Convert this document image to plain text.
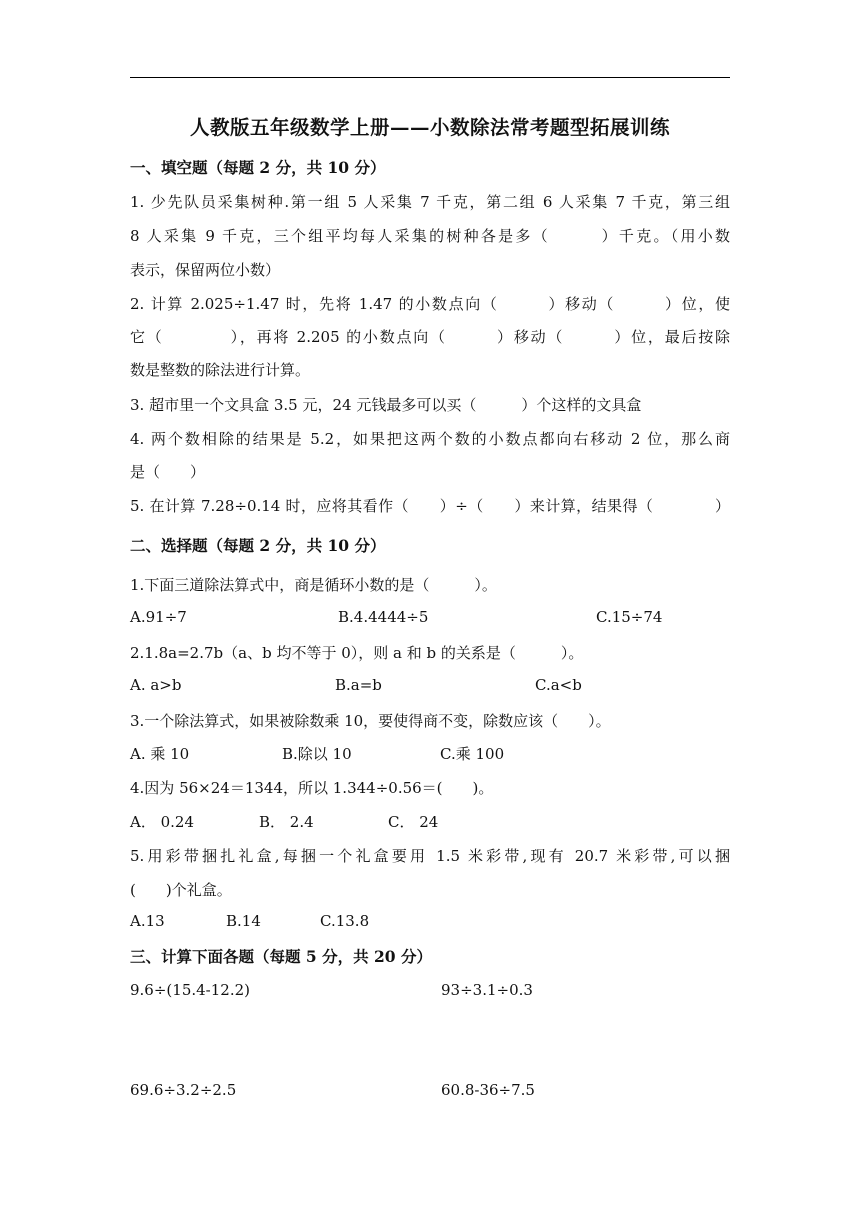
人教版五年级数学上册——小数除法常考题型拓展训练
一、填空题（每题 2 分，共 10 分）
1. 少先队员采集树种.第一组 5 人采集 7 千克，第二组 6 人采集 7 千克，第三组
8 人采集 9 千克，三个组平均每人采集的树种各是多（　　　）千克。（用小数
表示，保留两位小数）
2. 计算 2.025÷1.47 时，先将 1.47 的小数点向（　　　）移动（　　　）位，使
它（　　　　），再将 2.205 的小数点向（　　　）移动（　　　）位，最后按除
数是整数的除法进行计算。
3. 超市里一个文具盒 3.5 元，24 元钱最多可以买（　　　）个这样的文具盒
4. 两个数相除的结果是 5.2，如果把这两个数的小数点都向右移动 2 位，那么商
是（　　）
5. 在计算 7.28÷0.14 时，应将其看作（　　）÷（　　）来计算，结果得（　　　　）
二、选择题（每题 2 分，共 10 分）
1.下面三道除法算式中，商是循环小数的是（　　　）。
A.91÷7	B.4.4444÷5	C.15÷74
2.1.8a=2.7b（a、b 均不等于 0），则 a 和 b 的关系是（　　　）。
A. a>b	B.a=b	C.a<b
3.一个除法算式，如果被除数乘 10，要使得商不变，除数应该（　　）。
A. 乘 10	B.除以 10	C.乘 100
4.因为 56×24＝1344，所以 1.344÷0.56＝(　　)。
A． 0.24	B． 2.4	C． 24
5.用彩带捆扎礼盒,每捆一个礼盒要用 1.5 米彩带,现有 20.7 米彩带,可以捆
(　　)个礼盒。
A.13	B.14	C.13.8
三、计算下面各题（每题 5 分，共 20 分）
9.6÷(15.4-12.2)	93÷3.1÷0.3
69.6÷3.2÷2.5	60.8-36÷7.5
